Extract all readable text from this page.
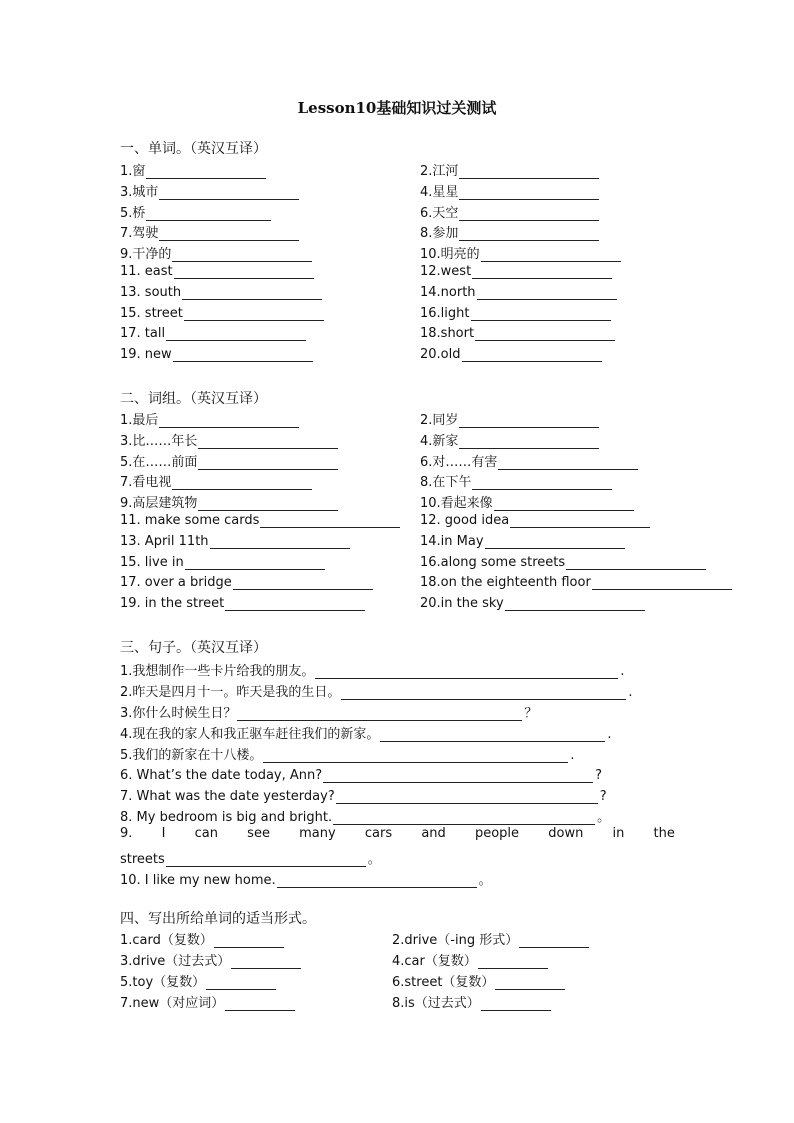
Lesson10基础知识过关测试
一、单词。（英汉互译）
1.窗	2.江河
3.城市	4.星星
5.桥	6.天空
7.驾驶	8.参加
9.干净的	10.明亮的
11. east	12.west
13. south	14.north
15. street	16.light
17. tall	18.short
19. new	20.old
二、词组。（英汉互译）
1.最后	2.同岁
3.比……年长	4.新家
5.在……前面	6.对……有害
7.看电视	8.在下午
9.高层建筑物	10.看起来像
11. make some cards	12. good idea
13. April 11th	14.in May
15. live in	16.along some streets
17. over a bridge	18.on the eighteenth floor
19. in the street	20.in the sky
三、句子。（英汉互译）
1.我想制作一些卡片给我的朋友。	.
2.昨天是四月十一。昨天是我的生日。	.
3.你什么时候生日？	？
4.现在我的家人和我正驱车赶往我们的新家。	.
5.我们的新家在十八楼。	.
6. What’s the date today, Ann?	?
7. What was the date yesterday?	?
8. My bedroom is big and bright.	。
9. I can see many cars and people down in the
streets	。
10. I like my new home.	。
四、写出所给单词的适当形式。
1.card（复数）	2.drive（-ing 形式）
3.drive（过去式）	4.car（复数）
5.toy（复数）	6.street（复数）
7.new（对应词）	8.is（过去式）
